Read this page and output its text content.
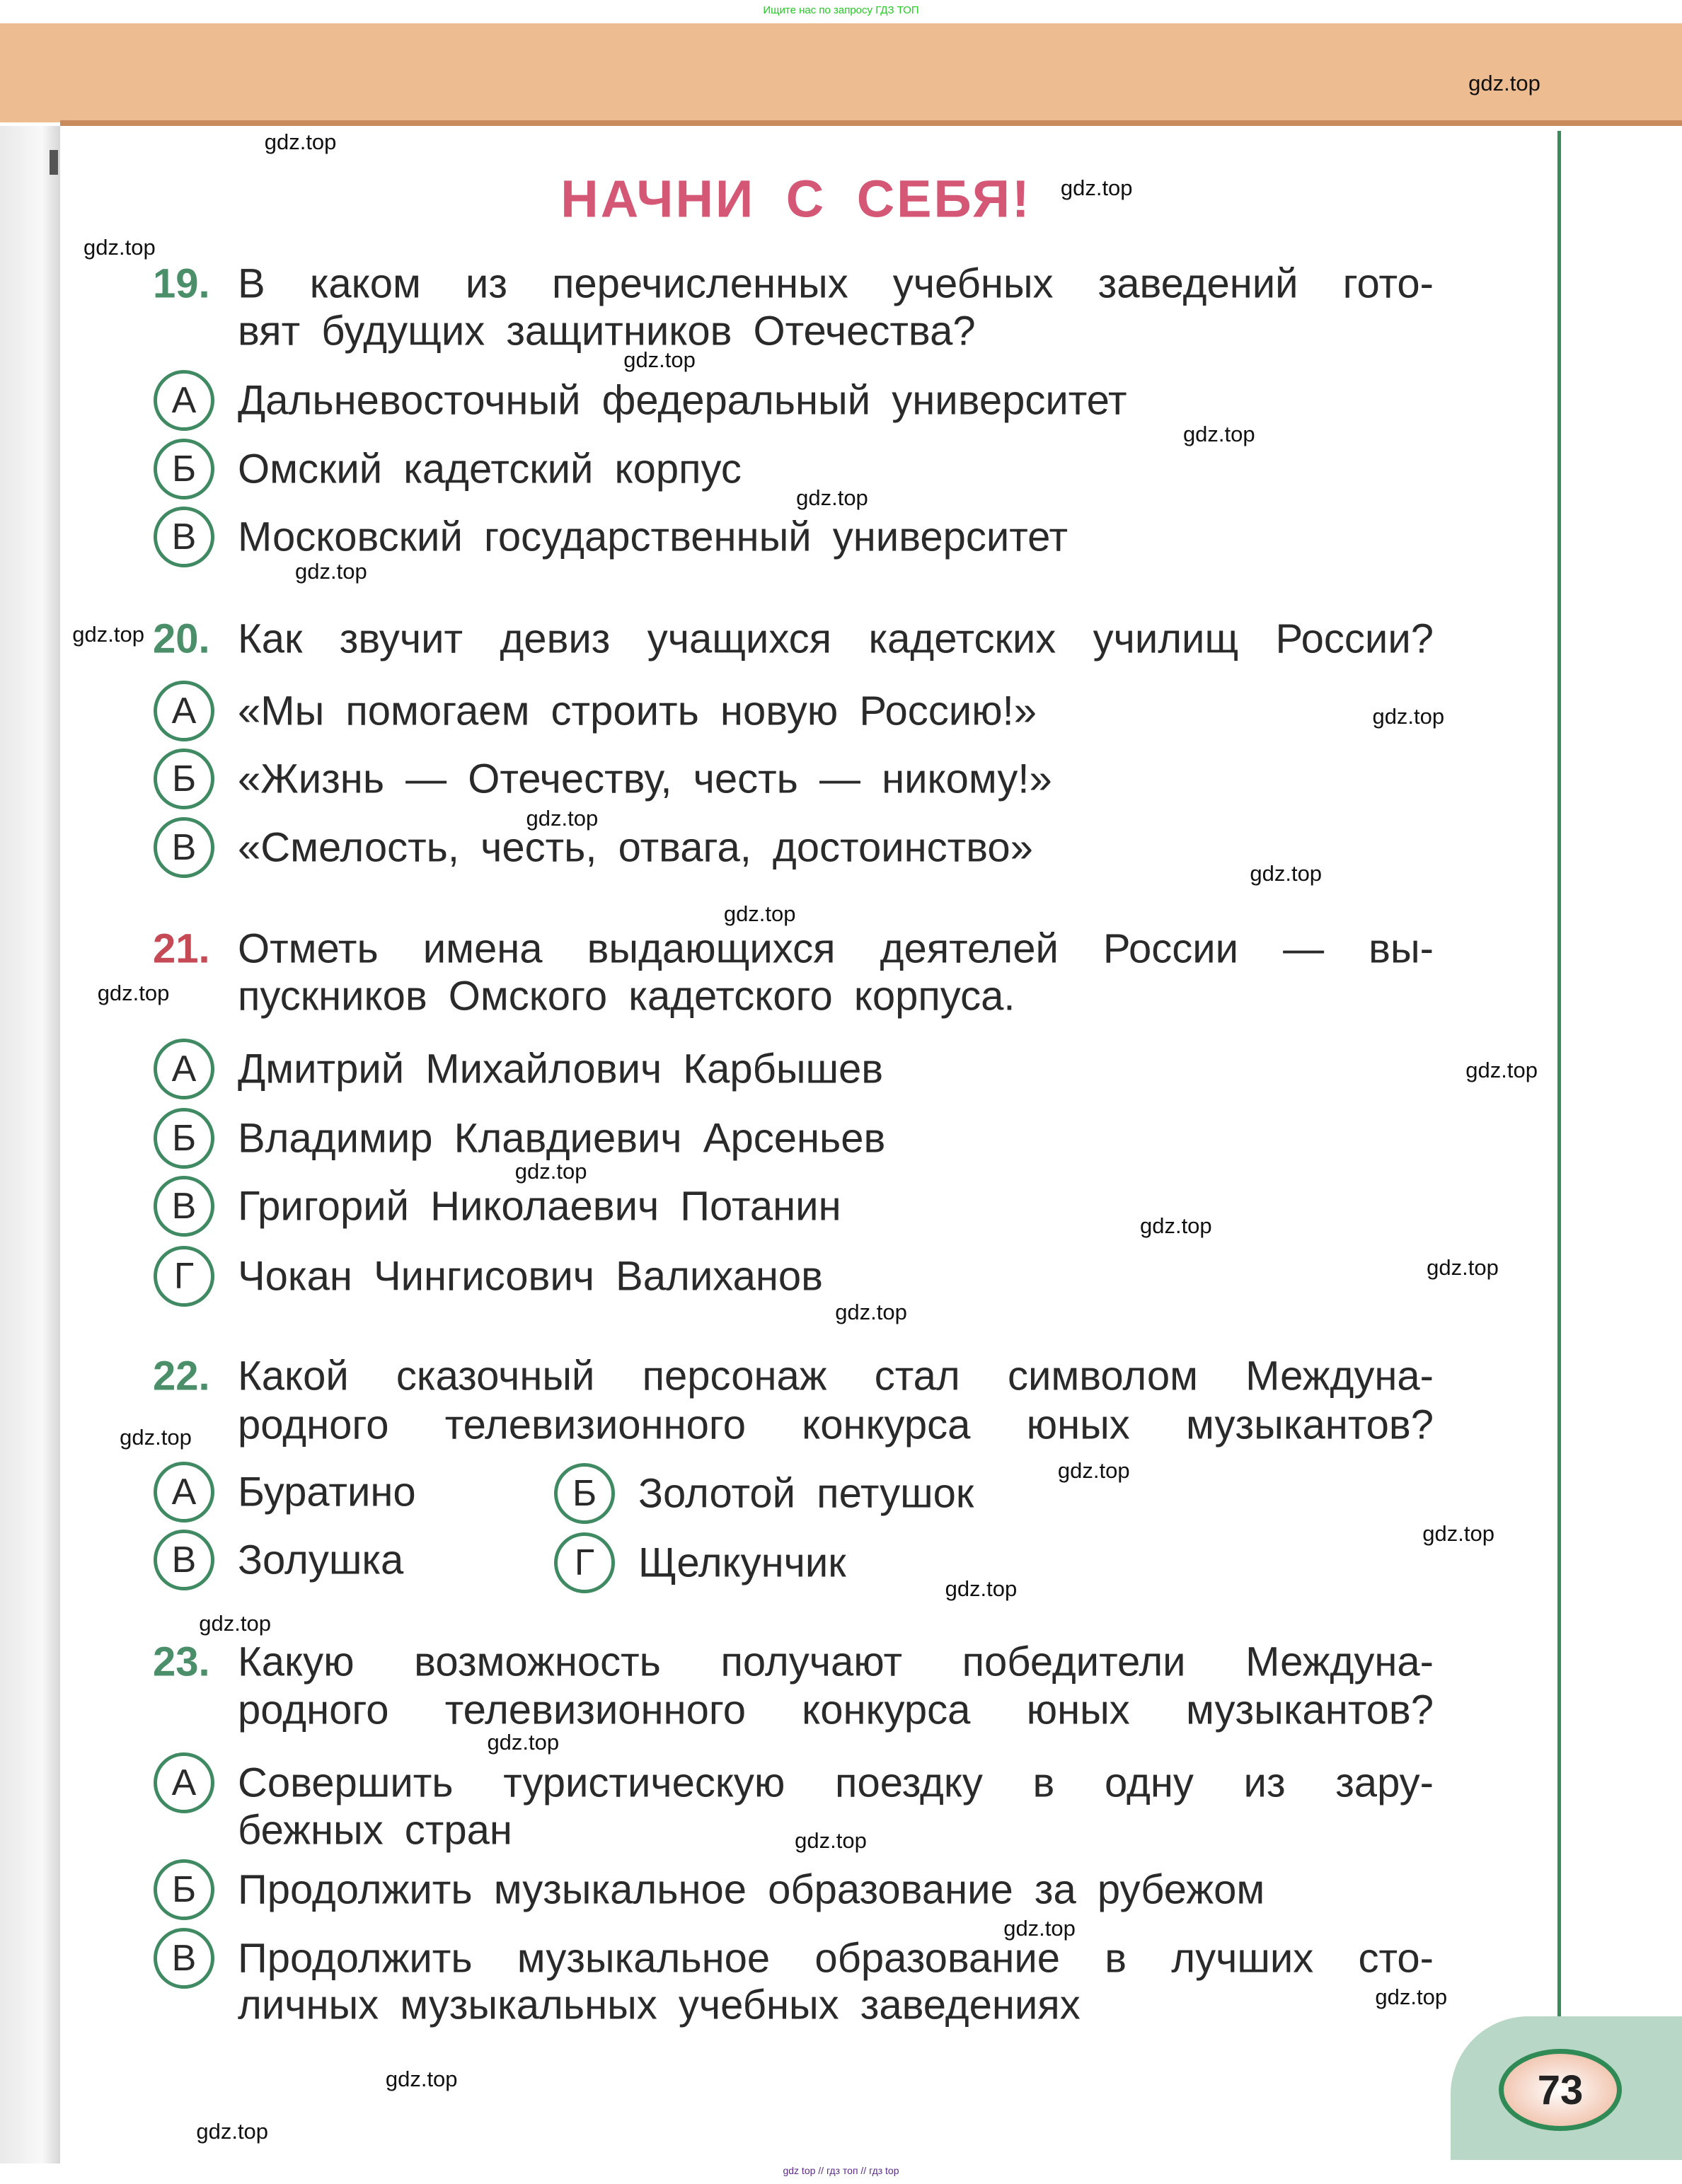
Ищите нас по запросу ГДЗ ТОП
73
gdz top // гдз топ // гдз top
НАЧНИ С СЕБЯ!
19. В каком из перечисленных учебных заведений гото-
вят будущих защитников Отечества?
А	Дальневосточный федеральный университет
Б	Омский кадетский корпус
В	Московский государственный университет
20. Как звучит девиз учащихся кадетских училищ России?
А	«Мы помогаем строить новую Россию!»
Б	«Жизнь — Отечеству, честь — никому!»
В	«Смелость, честь, отвага, достоинство»
21. Отметь имена выдающихся деятелей России — вы-
пускников Омского кадетского корпуса.
А	Дмитрий Михайлович Карбышев
Б	Владимир Клавдиевич Арсеньев
В	Григорий Николаевич Потанин
Г	Чокан Чингисович Валиханов
22. Какой сказочный персонаж стал символом Междуна-
родного телевизионного конкурса юных музыкантов?
А	Буратино	Б	Золотой петушок
В	Золушка	Г	Щелкунчик
23. Какую возможность получают победители Междуна-
родного телевизионного конкурса юных музыкантов?
А	Совершить туристическую поездку в одну из зару-
бежных стран
Б	Продолжить музыкальное образование за рубежом
В	Продолжить музыкальное образование в лучших сто-
личных музыкальных учебных заведениях
gdz.top
gdz.top
gdz.top
gdz.top
gdz.top
gdz.top
gdz.top
gdz.top
gdz.top
gdz.top
gdz.top
gdz.top
gdz.top
gdz.top
gdz.top
gdz.top
gdz.top
gdz.top
gdz.top
gdz.top
gdz.top
gdz.top
gdz.top
gdz.top
gdz.top
gdz.top
gdz.top
gdz.top
gdz.top
gdz.top
